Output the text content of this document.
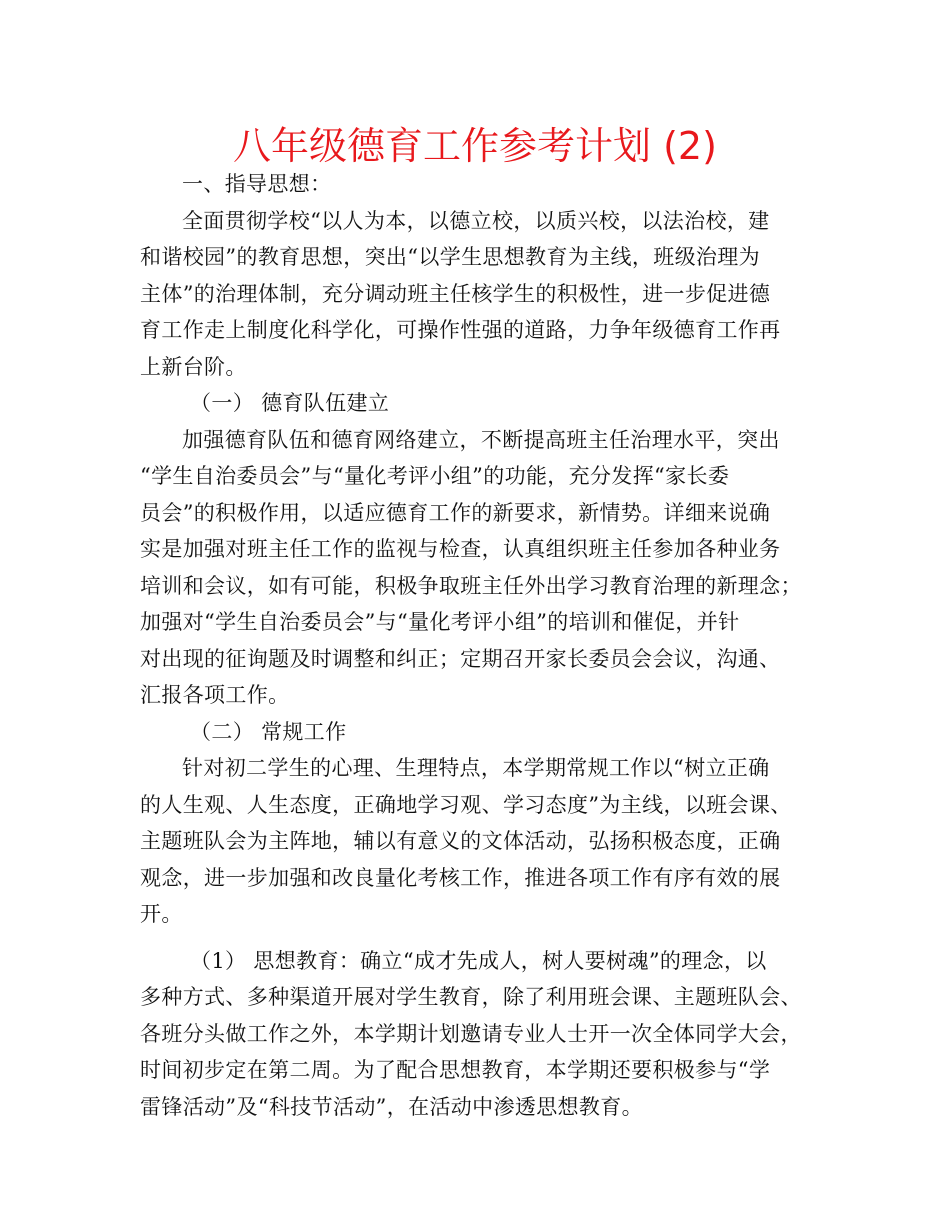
八年级德育工作参考计划 (2)
一、指导思想：
全面贯彻学校“以人为本，以德立校，以质兴校，以法治校，建
和谐校园”的教育思想，突出“以学生思想教育为主线，班级治理为
主体”的治理体制，充分调动班主任核学生的积极性，进一步促进德
育工作走上制度化科学化，可操作性强的道路，力争年级德育工作再
上新台阶。
（一） 德育队伍建立
加强德育队伍和德育网络建立，不断提高班主任治理水平，突出
“学生自治委员会”与“量化考评小组”的功能，充分发挥“家长委
员会”的积极作用，以适应德育工作的新要求，新情势。详细来说确
实是加强对班主任工作的监视与检查，认真组织班主任参加各种业务
培训和会议，如有可能，积极争取班主任外出学习教育治理的新理念；
加强对“学生自治委员会”与“量化考评小组”的培训和催促，并针
对出现的征询题及时调整和纠正；定期召开家长委员会会议，沟通、
汇报各项工作。
（二） 常规工作
针对初二学生的心理、生理特点，本学期常规工作以“树立正确
的人生观、人生态度，正确地学习观、学习态度”为主线，以班会课、
主题班队会为主阵地，辅以有意义的文体活动，弘扬积极态度，正确
观念，进一步加强和改良量化考核工作，推进各项工作有序有效的展
开。
（1） 思想教育：确立“成才先成人，树人要树魂”的理念，以
多种方式、多种渠道开展对学生教育，除了利用班会课、主题班队会、
各班分头做工作之外，本学期计划邀请专业人士开一次全体同学大会，
时间初步定在第二周。为了配合思想教育，本学期还要积极参与“学
雷锋活动”及“科技节活动”，在活动中渗透思想教育。
